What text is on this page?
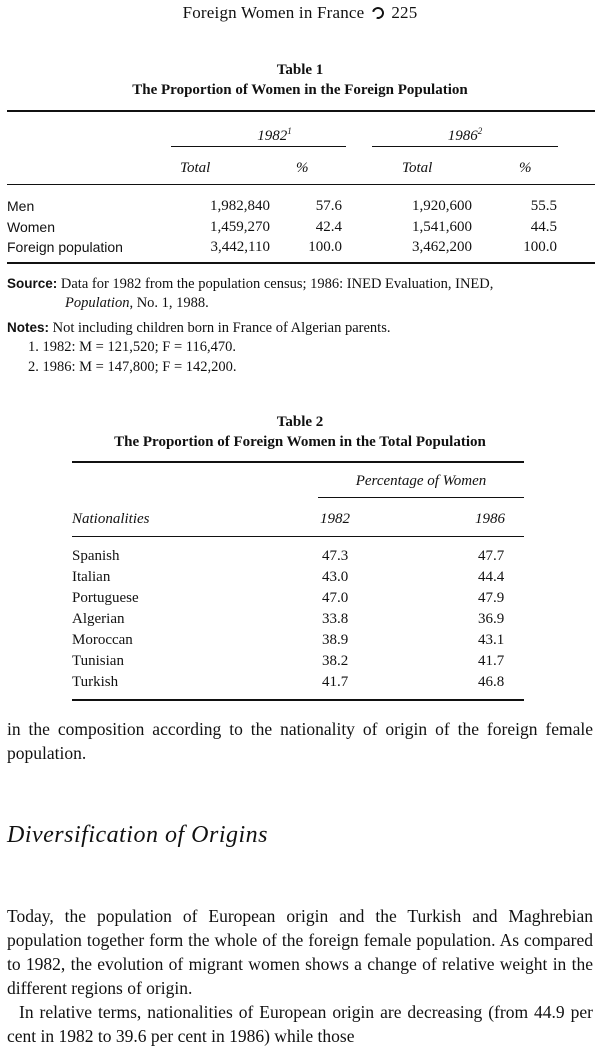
Foreign Women in France 225
Table 1
The Proportion of Women in the Foreign Population
1982$^1$	1986$^2$
Total	%	Total	%
Men	1,982,840	57.6	1,920,600	55.5
Women	1,459,270	42.4	1,541,600	44.5
Foreign population	3,442,110	100.0	3,462,200	100.0
Source: Data for 1982 from the population census; 1986: INED Evaluation, INED,
Population, No. 1, 1988.
Notes: Not including children born in France of Algerian parents.
1. 1982: M = 121,520; F = 116,470.
2. 1986: M = 147,800; F = 142,200.
Table 2
The Proportion of Foreign Women in the Total Population
Percentage of Women
Nationalities	1982	1986
Spanish	47.3	47.7
Italian	43.0	44.4
Portuguese	47.0	47.9
Algerian	33.8	36.9
Moroccan	38.9	43.1
Tunisian	38.2	41.7
Turkish	41.7	46.8
in the composition according to the nationality of origin of the foreign female population.
Diversification of Origins
Today, the population of European origin and the Turkish and Maghrebian population together form the whole of the foreign female population. As compared to 1982, the evolution of migrant women shows a change of relative weight in the different regions of origin.
In relative terms, nationalities of European origin are decreasing (from 44.9 per cent in 1982 to 39.6 per cent in 1986) while those
